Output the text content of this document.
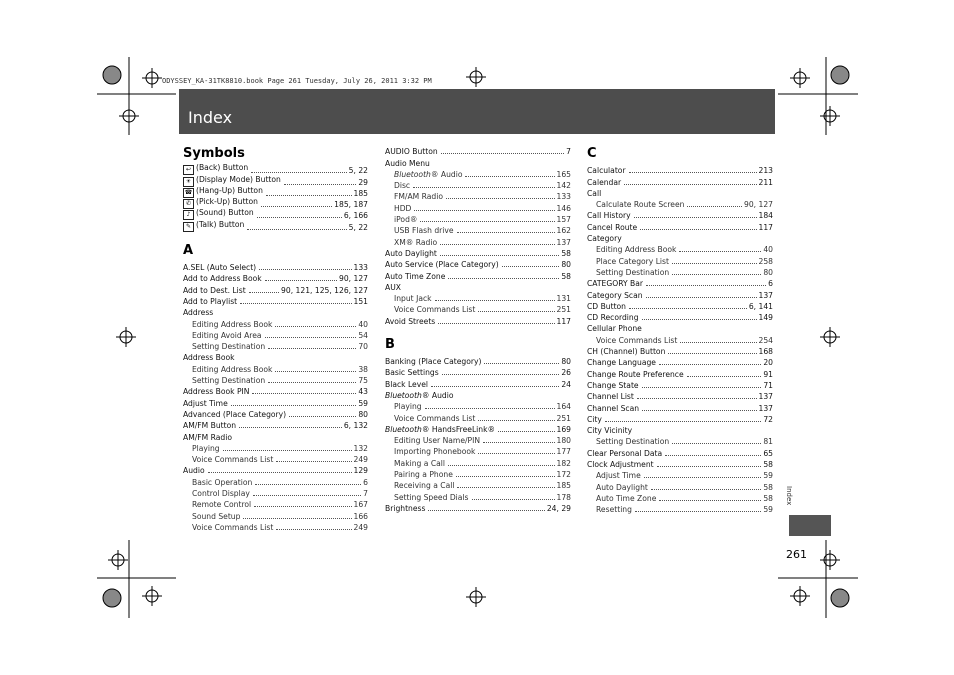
ODYSSEY_KA-31TK8810.book Page 261 Tuesday, July 26, 2011 3:32 PM
Index
Symbols
↩ (Back) Button	5, 22
☀ (Display Mode) Button	29
☎ (Hang-Up) Button	185
✆ (Pick-Up) Button	185, 187
♪ (Sound) Button	6, 166
✎ (Talk) Button	5, 22
A
A.SEL (Auto Select)	133
Add to Address Book	90, 127
Add to Dest. List	90, 121, 125, 126, 127
Add to Playlist	151
Address
Editing Address Book	40
Editing Avoid Area	54
Setting Destination	70
Address Book
Editing Address Book	38
Setting Destination	75
Address Book PIN	43
Adjust Time	59
Advanced (Place Category)	80
AM/FM Button	6, 132
AM/FM Radio
Playing	132
Voice Commands List	249
Audio	129
Basic Operation	6
Control Display	7
Remote Control	167
Sound Setup	166
Voice Commands List	249
AUDIO Button	7
Audio Menu
Bluetooth® Audio	165
Disc	142
FM/AM Radio	133
HDD	146
iPod®	157
USB Flash drive	162
XM® Radio	137
Auto Daylight	58
Auto Service (Place Category)	80
Auto Time Zone	58
AUX
Input Jack	131
Voice Commands List	251
Avoid Streets	117
B
Banking (Place Category)	80
Basic Settings	26
Black Level	24
Bluetooth® Audio
Playing	164
Voice Commands List	251
Bluetooth® HandsFreeLink®	169
Editing User Name/PIN	180
Importing Phonebook	177
Making a Call	182
Pairing a Phone	172
Receiving a Call	185
Setting Speed Dials	178
Brightness	24, 29
C
Calculator	213
Calendar	211
Call
Calculate Route Screen	90, 127
Call History	184
Cancel Route	117
Category
Editing Address Book	40
Place Category List	258
Setting Destination	80
CATEGORY Bar	6
Category Scan	137
CD Button	6, 141
CD Recording	149
Cellular Phone
Voice Commands List	254
CH (Channel) Button	168
Change Language	20
Change Route Preference	91
Change State	71
Channel List	137
Channel Scan	137
City	72
City Vicinity
Setting Destination	81
Clear Personal Data	65
Clock Adjustment	58
Adjust Time	59
Auto Daylight	58
Auto Time Zone	58
Resetting	59
Index
261
